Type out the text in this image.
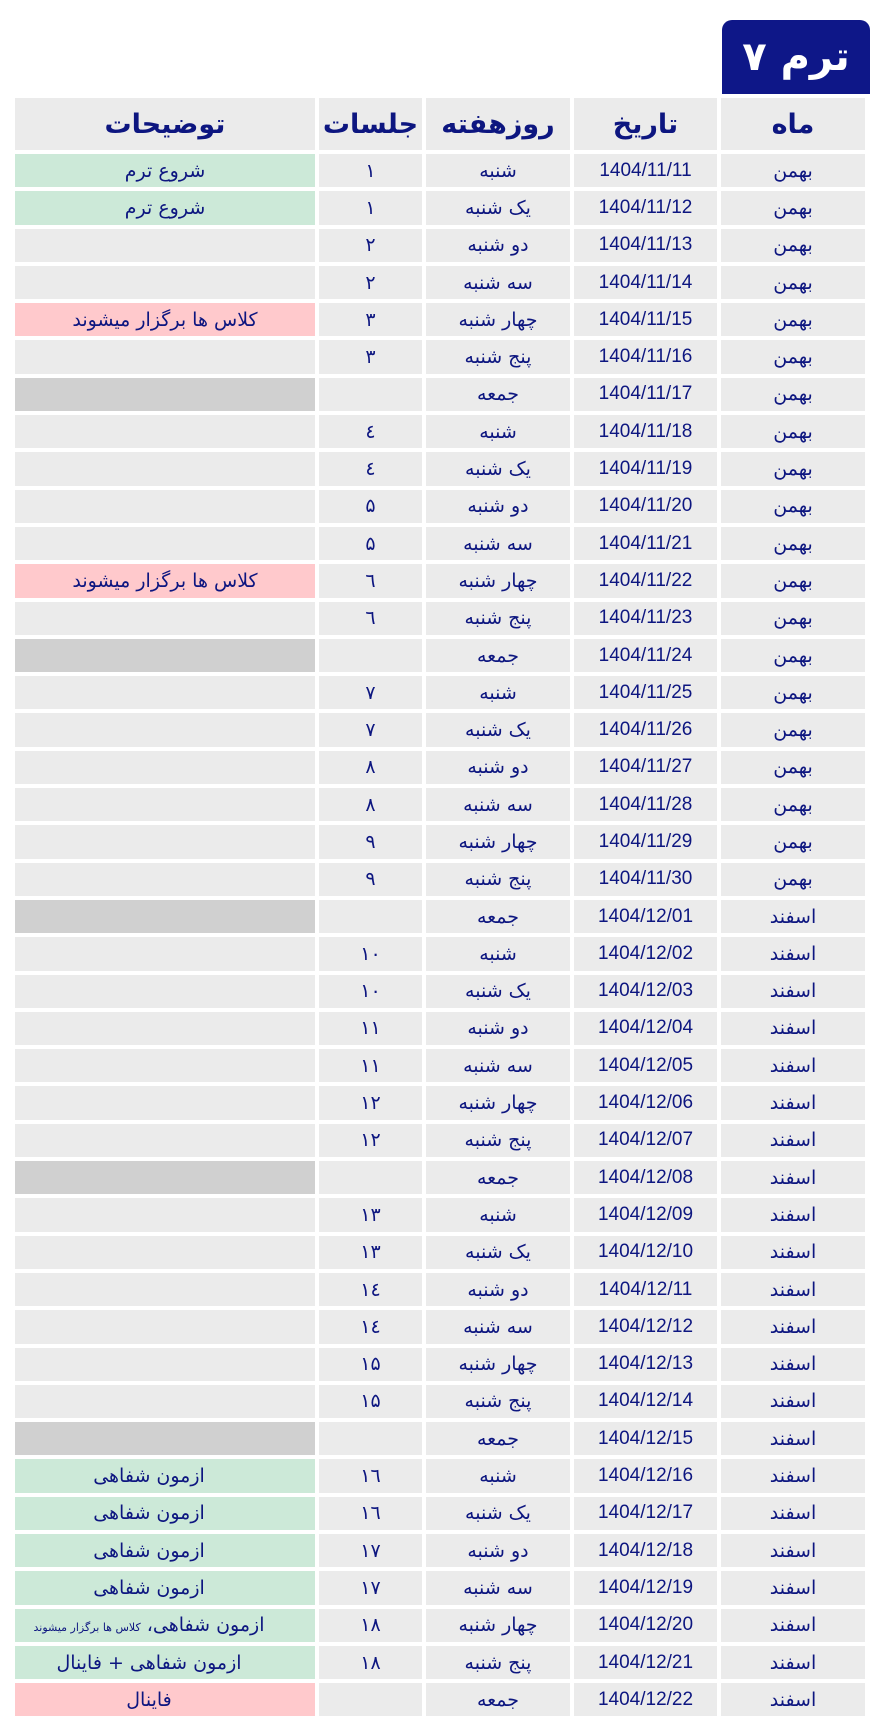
ترم ۷
ماه	تاریخ	روزهفته	جلسات	توضیحات
بهمن	1404/11/11	شنبه	۱	شروع ترم
بهمن	1404/11/12	یک شنبه	۱	شروع ترم
بهمن	1404/11/13	دو شنبه	۲	
بهمن	1404/11/14	سه شنبه	۲	
بهمن	1404/11/15	چهار شنبه	۳	کلاس ها برگزار میشوند
بهمن	1404/11/16	پنج شنبه	۳	
بهمن	1404/11/17	جمعه		
بهمن	1404/11/18	شنبه	٤	
بهمن	1404/11/19	یک شنبه	٤	
بهمن	1404/11/20	دو شنبه	۵	
بهمن	1404/11/21	سه شنبه	۵	
بهمن	1404/11/22	چهار شنبه	٦	کلاس ها برگزار میشوند
بهمن	1404/11/23	پنج شنبه	٦	
بهمن	1404/11/24	جمعه		
بهمن	1404/11/25	شنبه	۷	
بهمن	1404/11/26	یک شنبه	۷	
بهمن	1404/11/27	دو شنبه	۸	
بهمن	1404/11/28	سه شنبه	۸	
بهمن	1404/11/29	چهار شنبه	۹	
بهمن	1404/11/30	پنج شنبه	۹	
اسفند	1404/12/01	جمعه		
اسفند	1404/12/02	شنبه	۱۰	
اسفند	1404/12/03	یک شنبه	۱۰	
اسفند	1404/12/04	دو شنبه	۱۱	
اسفند	1404/12/05	سه شنبه	۱۱	
اسفند	1404/12/06	چهار شنبه	۱۲	
اسفند	1404/12/07	پنج شنبه	۱۲	
اسفند	1404/12/08	جمعه		
اسفند	1404/12/09	شنبه	۱۳	
اسفند	1404/12/10	یک شنبه	۱۳	
اسفند	1404/12/11	دو شنبه	۱٤	
اسفند	1404/12/12	سه شنبه	۱٤	
اسفند	1404/12/13	چهار شنبه	۱۵	
اسفند	1404/12/14	پنج شنبه	۱۵	
اسفند	1404/12/15	جمعه		
اسفند	1404/12/16	شنبه	۱٦	ازمون شفاهی
اسفند	1404/12/17	یک شنبه	۱٦	ازمون شفاهی
اسفند	1404/12/18	دو شنبه	۱۷	ازمون شفاهی
اسفند	1404/12/19	سه شنبه	۱۷	ازمون شفاهی
اسفند	1404/12/20	چهار شنبه	۱۸	ازمون شفاهی، کلاس ها برگزار میشوند
اسفند	1404/12/21	پنج شنبه	۱۸	ازمون شفاهی + فاینال
اسفند	1404/12/22	جمعه		فاینال
